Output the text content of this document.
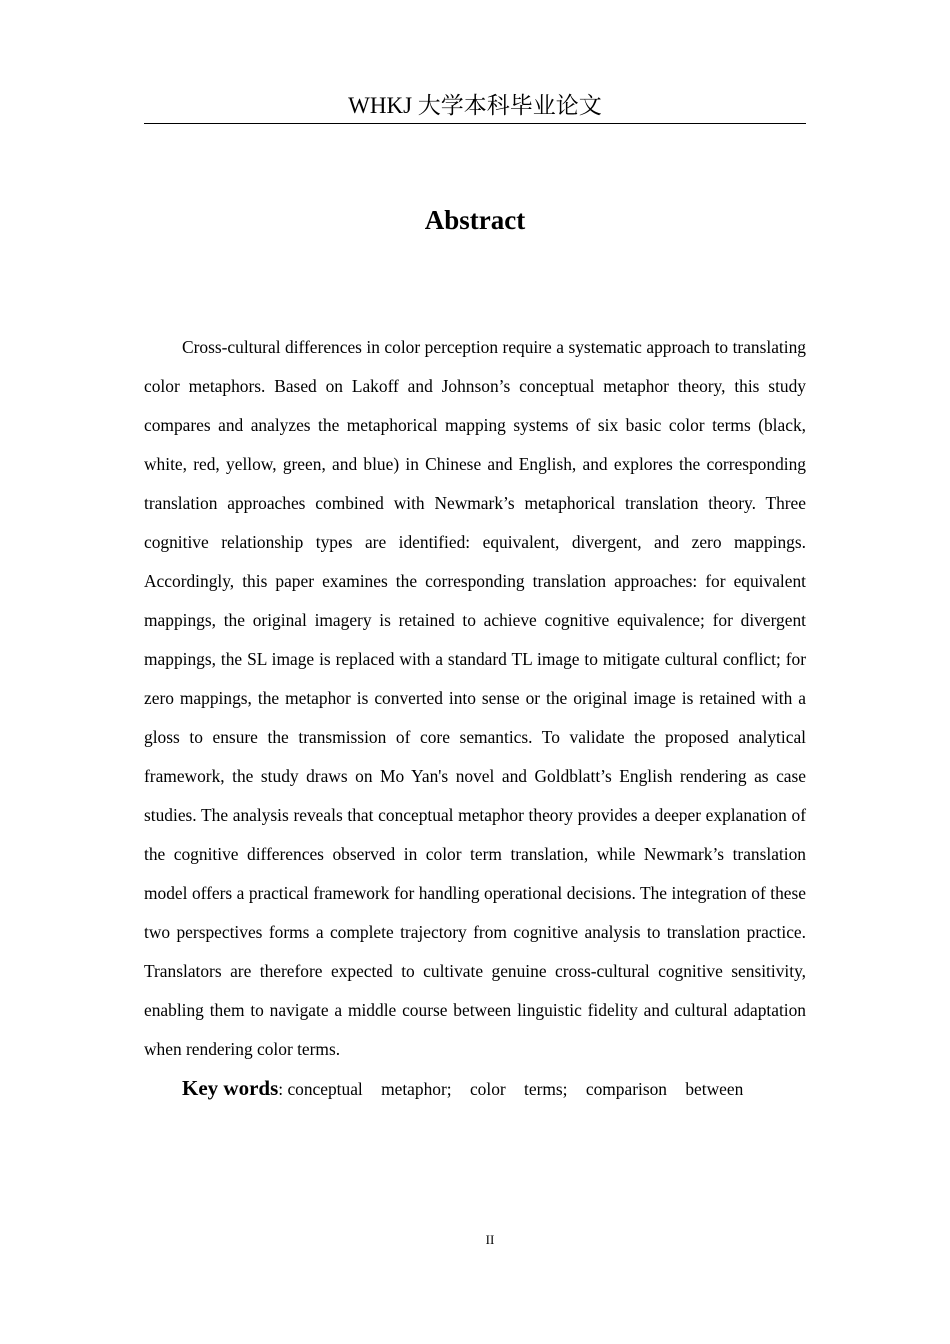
WHKJ 大学本科毕业论文
Abstract

Cross-cultural differences in color perception require a systematic approach to translating color metaphors. Based on Lakoff and Johnson’s conceptual metaphor theory, this study compares and analyzes the metaphorical mapping systems of six basic color terms (black, white, red, yellow, green, and blue) in Chinese and English, and explores the corresponding translation approaches combined with Newmark’s metaphorical translation theory. Three cognitive relationship types are identified: equivalent, divergent, and zero mappings. Accordingly, this paper examines the corresponding translation approaches: for equivalent mappings, the original imagery is retained to achieve cognitive equivalence; for divergent mappings, the SL image is replaced with a standard TL image to mitigate cultural conflict; for zero mappings, the metaphor is converted into sense or the original image is retained with a gloss to ensure the transmission of core semantics. To validate the proposed analytical framework, the study draws on Mo Yan's novel and Goldblatt’s English rendering as case studies. The analysis reveals that conceptual metaphor theory provides a deeper explanation of the cognitive differences observed in color term translation, while Newmark’s translation model offers a practical framework for handling operational decisions. The integration of these two perspectives forms a complete trajectory from cognitive analysis to translation practice. Translators are therefore expected to cultivate genuine cross-cultural cognitive sensitivity, enabling them to navigate a middle course between linguistic fidelity and cultural adaptation when rendering color terms.

Key words: conceptual metaphor; color terms; comparison between

II
